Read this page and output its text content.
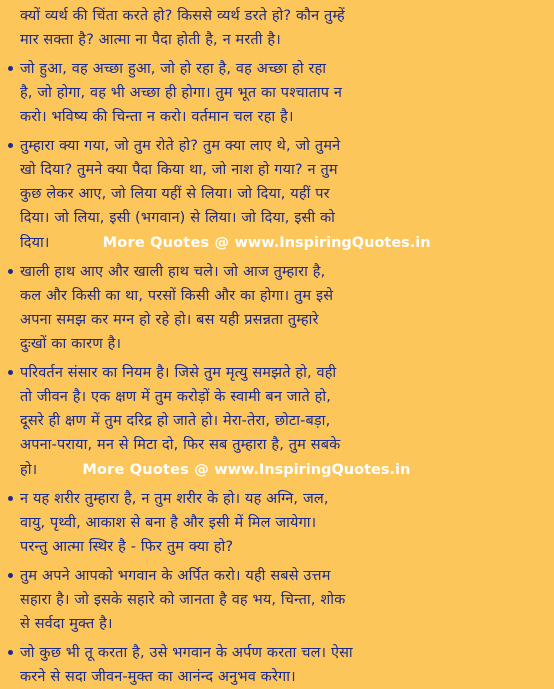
क्यों व्यर्थ की चिंता करते हो? किससे व्यर्थ डरते हो? कौन तुम्हें
मार सक्ता है? आत्मा ना पैदा होती है, न मरती है।
जो हुआ, वह अच्छा हुआ, जो हो रहा है, वह अच्छा हो रहा
है, जो होगा, वह भी अच्छा ही होगा। तुम भूत का पश्चाताप न
करो। भविष्य की चिन्ता न करो। वर्तमान चल रहा है।
तुम्हारा क्या गया, जो तुम रोते हो? तुम क्या लाए थे, जो तुमने
खो दिया? तुमने क्या पैदा किया था, जो नाश हो गया? न तुम
कुछ लेकर आए, जो लिया यहीं से लिया। जो दिया, यहीं पर
दिया। जो लिया, इसी (भगवान) से लिया। जो दिया, इसी को
दिया।	More Quotes @ www.InspiringQuotes.in
खाली हाथ आए और खाली हाथ चले। जो आज तुम्हारा है,
कल और किसी का था, परसों किसी और का होगा। तुम इसे
अपना समझ कर मग्न हो रहे हो। बस यही प्रसन्नता तुम्हारे
दुःखों का कारण है।
परिवर्तन संसार का नियम है। जिसे तुम मृत्यु समझते हो, वही
तो जीवन है। एक क्षण में तुम करोड़ों के स्वामी बन जाते हो,
दूसरे ही क्षण में तुम दरिद्र हो जाते हो। मेरा-तेरा, छोटा-बड़ा,
अपना-पराया, मन से मिटा दो, फिर सब तुम्हारा है, तुम सबके
हो।	More Quotes @ www.InspiringQuotes.in
न यह शरीर तुम्हारा है, न तुम शरीर के हो। यह अग्नि, जल,
वायु, पृथ्वी, आकाश से बना है और इसी में मिल जायेगा।
परन्तु आत्मा स्थिर है - फिर तुम क्या हो?
तुम अपने आपको भगवान के अर्पित करो। यही सबसे उत्तम
सहारा है। जो इसके सहारे को जानता है वह भय, चिन्ता, शोक
से सर्वदा मुक्त है।
जो कुछ भी तू करता है, उसे भगवान के अर्पण करता चल। ऐसा
करने से सदा जीवन-मुक्त का आनंन्द अनुभव करेगा।
